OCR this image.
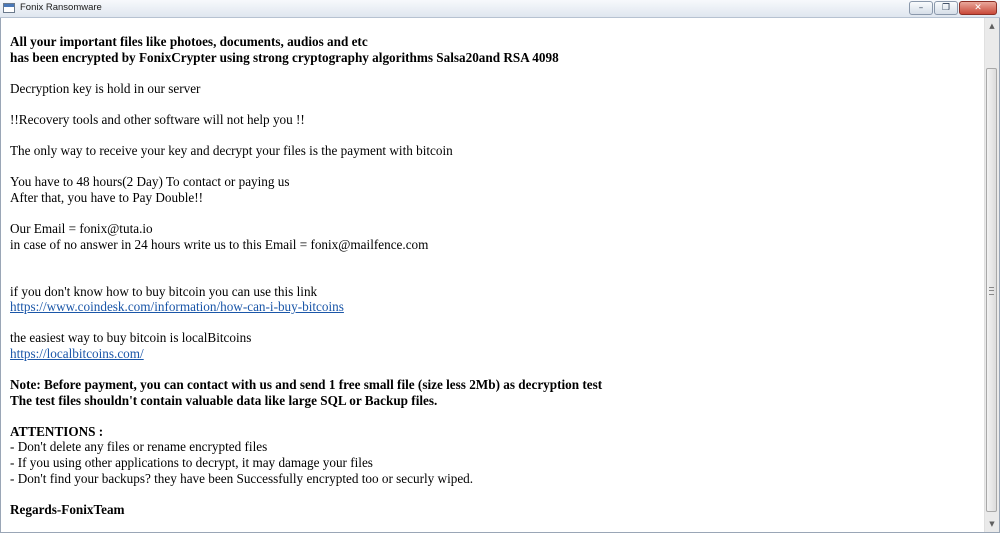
Fonix Ransomware	–	❐	✕

All your important files like photoes, documents, audios and etc
has been encrypted by FonixCrypter using strong cryptography algorithms Salsa20and RSA 4098

Decryption key is hold in our server

!!Recovery tools and other software will not help you !!

The only way to receive your key and decrypt your files is the payment with bitcoin

You have to 48 hours(2 Day) To contact or paying us
After that, you have to Pay Double!!

Our Email = fonix@tuta.io
in case of no answer in 24 hours write us to this Email = fonix@mailfence.com

if you don't know how to buy bitcoin you can use this link
https://www.coindesk.com/information/how-can-i-buy-bitcoins

the easiest way to buy bitcoin is localBitcoins
https://localbitcoins.com/

Note: Before payment, you can contact with us and send 1 free small file (size less 2Mb) as decryption test
The test files shouldn't contain valuable data like large SQL or Backup files.

ATTENTIONS :
- Don't delete any files or rename encrypted files
- If you using other applications to decrypt, it may damage your files
- Don't find your backups? they have been Successfully encrypted too or securly wiped.

Regards-FonixTeam

▲
▼
